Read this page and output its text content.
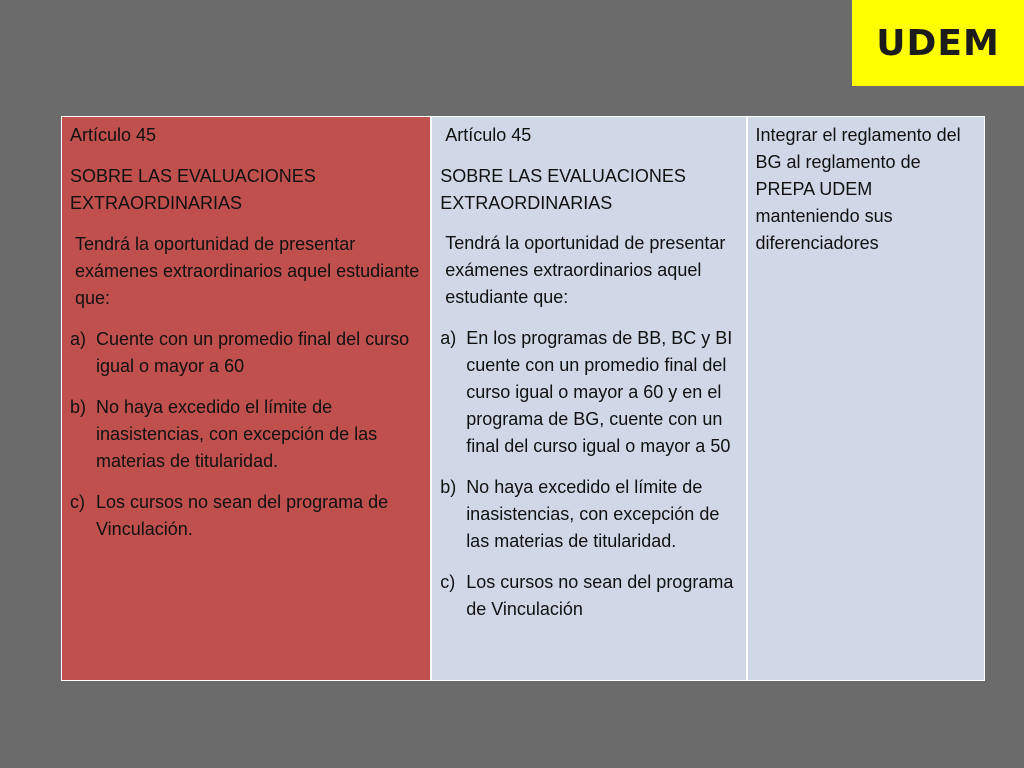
UDEM

Artículo 45

SOBRE LAS EVALUACIONES EXTRAORDINARIAS

Tendrá la oportunidad de presentar exámenes extraordinarios aquel estudiante que:

a) Cuente con un promedio final del curso igual o mayor a 60
b) No haya excedido el límite de inasistencias, con excepción de las materias de titularidad.
c) Los cursos no sean del programa de Vinculación.

Artículo 45

SOBRE LAS EVALUACIONES EXTRAORDINARIAS

Tendrá la oportunidad de presentar exámenes extraordinarios aquel estudiante que:

a) En los programas de BB, BC y BI cuente con un promedio final del curso igual o mayor a 60 y en el programa de BG, cuente con un final del curso igual o mayor a 50
b) No haya excedido el límite de inasistencias, con excepción de las materias de titularidad.
c) Los cursos no sean del programa de Vinculación

Integrar el reglamento del BG al reglamento de PREPA UDEM manteniendo sus diferenciadores
